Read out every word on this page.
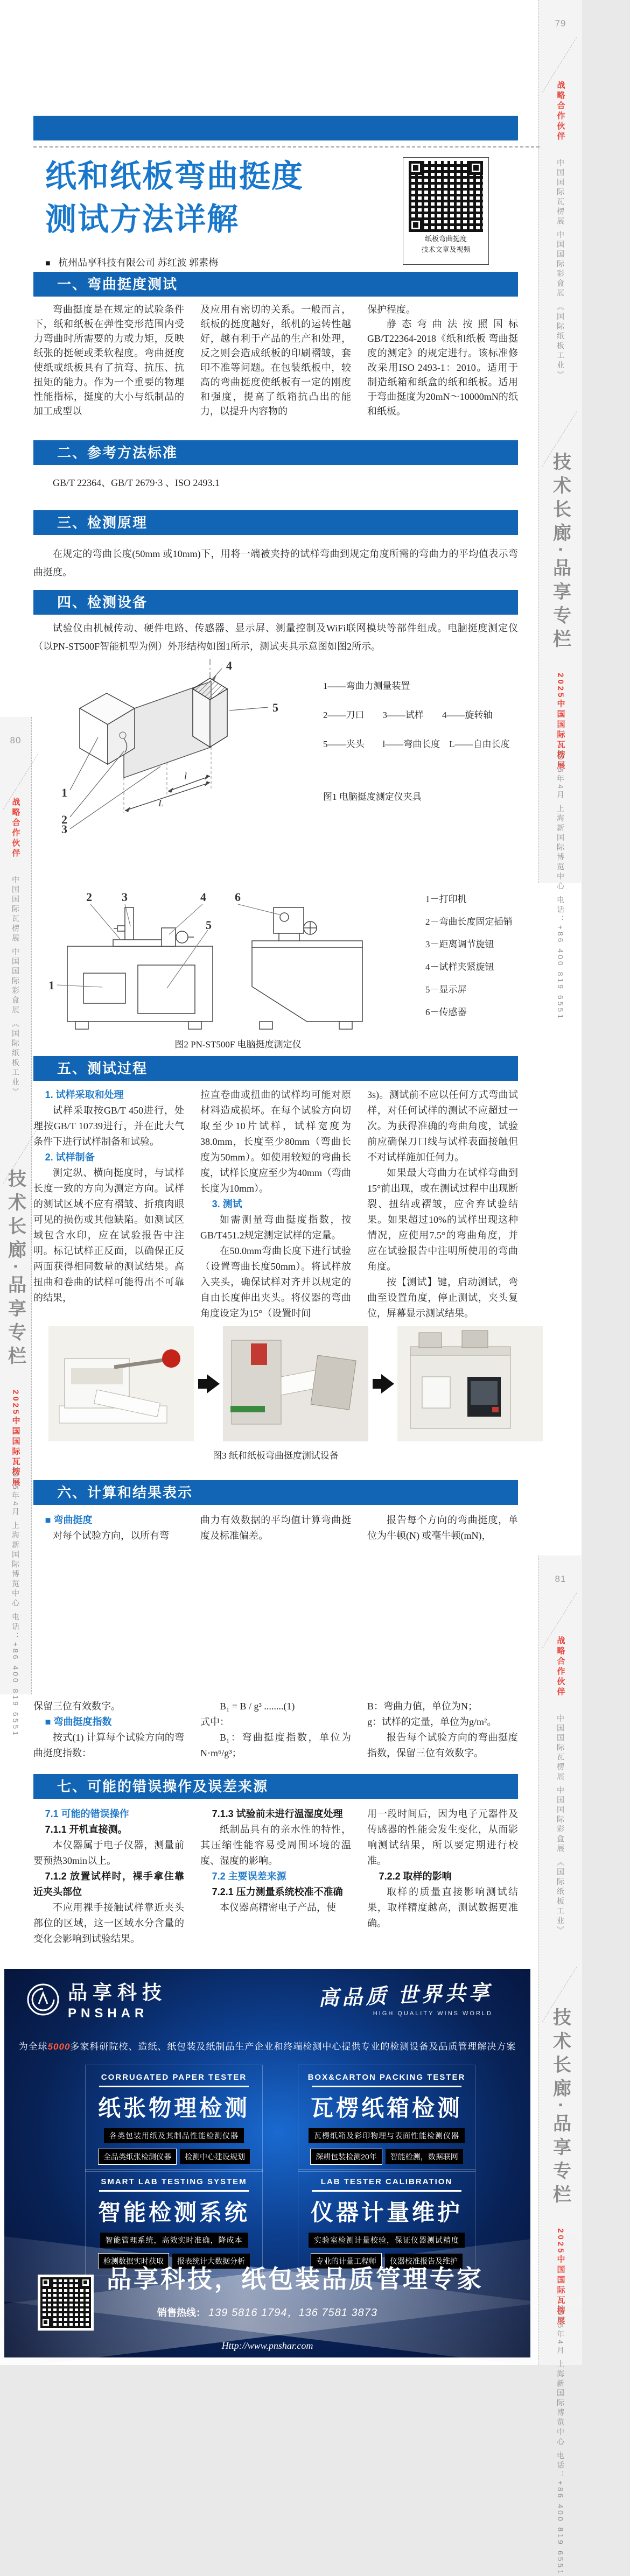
79
战略合作伙伴
中国国际瓦楞展 中国国际彩盒展 《国际纸板工业》
技术长廊·品享专栏
2025中国国际瓦楞展
2025年4月 上海新国际博览中心 电话：+86 400 819 6551
80
战略合作伙伴
中国国际瓦楞展 中国国际彩盒展 《国际纸板工业》
技术长廊·品享专栏
2025中国国际瓦楞展
2025年4月 上海新国际博览中心 电话：+86 400 819 6551	81
战略合作伙伴
中国国际瓦楞展 中国国际彩盒展 《国际纸板工业》
技术长廊·品享专栏
2025中国国际瓦楞展
2025年4月 上海新国际博览中心 电话：+86 400 819 6551
纸和纸板弯曲挺度
测试方法详解
纸板弯曲挺度
技术文章及视频
■ 杭州品享科技有限公司 苏红波 郭素梅
一、弯曲挺度测试

弯曲挺度是在规定的试验条件下，纸和纸板在弹性变形范围内受力弯曲时所需要的力或力矩，反映纸张的挺硬或柔软程度。弯曲挺度使纸或纸板具有了抗弯、抗压、抗扭矩的能力。作为一个重要的物理性能指标，挺度的大小与纸制品的加工成型以

及应用有密切的关系。一般而言，纸板的挺度越好，纸机的运转性越好，越有利于产品的生产和处理，反之则会造成纸板的印刷褶皱，套印不准等问题。在包装纸板中，较高的弯曲挺度使纸板有一定的刚度和强度，提高了纸箱抗凸出的能力，以提升内容物的

保护程度。

静态弯曲法按照国标GB/T22364-2018《纸和纸板 弯曲挺度的测定》的规定进行。该标准修改采用ISO 2493-1：2010。适用于制造纸箱和纸盒的纸和纸板。适用于弯曲挺度为20mN～10000mN的纸和纸板。

二、参考方法标准

GB/T 22364、GB/T 2679·3 、ISO 2493.1

三、检测原理

在规定的弯曲长度(50mm 或10mm)下，用将一端被夹持的试样弯曲到规定角度所需的弯曲力的平均值表示弯曲挺度。

四、检测设备

试验仪由机械传动、硬件电路、传感器、显示屏、测量控制及WiFi联网模块等部件组成。电脑挺度测定仪（以PN-ST500F智能机型为例）外形结构如图1所示，测试夹具示意图如图2所示。

1
2
3
4
5
l
L

1——弯曲力测量装置

2——刀口　　3——试样　　4——旋转轴

5——夹头　　l——弯曲长度　L——自由长度

图1 电脑挺度测定仪夹具
1
2	3	4
5
6	1－打印机

2－弯曲长度固定插销

3－距离调节旋钮

4－试样夹紧旋钮

5－显示屏

6－传感器

图2 PN-ST500F 电脑挺度测定仪
五、测试过程

1. 试样采取和处理

试样采取按GB/T 450进行，处理按GB/T 10739进行，并在此大气条件下进行试样制备和试验。

2. 试样制备

测定纵、横向挺度时，与试样长度一致的方向为测定方向。试样的测试区域不应有褶皱、折痕肉眼可见的损伤或其他缺陷。如测试区域包含水印，应在试验报告中注明。标记试样正反面，以确保正反两面获得相同数量的测试结果。高扭曲和卷曲的试样可能得出不可靠的结果，

拉直卷曲或扭曲的试样均可能对原材料造成损坏。在每个试验方向切取至少10片试样，试样宽度为38.0mm，长度至少80mm（弯曲长度为50mm）。如使用较短的弯曲长度，试样长度应至少为40mm（弯曲长度为10mm）。

3. 测试

如需测量弯曲挺度指数，按GB/T451.2规定测定试样的定量。

在50.0mm弯曲长度下进行试验（设置弯曲长度50mm）。将试样放入夹头，确保试样对齐并以规定的自由长度伸出夹头。将仪器的弯曲角度设定为15°（设置时间

3s)。测试前不应以任何方式弯曲试样，对任何试样的测试不应超过一次。为获得准确的弯曲角度，试验前应确保刀口线与试样表面接触但不对试样施加任何力。

如果最大弯曲力在试样弯曲到15°前出现，或在测试过程中出现断裂、扭结或褶皱，应舍弃试验结果。如果超过10%的试样出现这种情况，应使用7.5°的弯曲角度，并应在试验报告中注明所使用的弯曲角度。

按【测试】键，启动测试，弯曲至设置角度，停止测试，夹头复位，屏幕显示测试结果。

图3 纸和纸板弯曲挺度测试设备
六、计算和结果表示

■ 弯曲挺度

对每个试验方向，以所有弯

曲力有效数据的平均值计算弯曲挺度及标准偏差。

报告每个方向的弯曲挺度，单位为牛顿(N) 或毫牛顿(mN)，

保留三位有效数字。

■ 弯曲挺度指数

按式(1) 计算每个试验方向的弯曲挺度指数：

B₁ = B / g³ ........(1)

式中：

B₁：弯曲挺度指数，单位为N·m⁶/g³；

B：弯曲力值，单位为N；

g：试样的定量，单位为g/m²。

报告每个试验方向的弯曲挺度指数，保留三位有效数字。

七、可能的错误操作及误差来源

7.1 可能的错误操作

7.1.1 开机直接测。

本仪器属于电子仪器，测量前要预热30min以上。

7.1.2 放置试样时，裸手拿住靠近夹头部位

不应用裸手接触试样靠近夹头部位的区域，这一区域水分含量的变化会影响到试验结果。

7.1.3 试验前未进行温湿度处理

纸制品具有的亲水性的特性，其压缩性能容易受周围环境的温度、湿度的影响。

7.2 主要误差来源

7.2.1 压力测量系统校准不准确

本仪器高精密电子产品，使

用一段时间后，因为电子元器件及传感器的性能会发生变化，从而影响测试结果，所以要定期进行校准。

7.2.2 取样的影响

取样的质量直接影响测试结果，取样精度越高，测试数据更准确。

品享科技
PNSHAR
高品质 世界共享
HIGH QUALITY WINS WORLD
为全球5000多家科研院校、造纸、纸包装及纸制品生产企业和终端检测中心提供专业的检测设备及品质管理解决方案
CORRUGATED PAPER TESTER
纸张物理检测
各类包装用纸及其制品性能检测仪器
全品类纸张检测仪器 检测中心建设规划
BOX&CARTON PACKING TESTER
瓦楞纸箱检测
瓦楞纸箱及彩印物理与表面性能检测仪器
深耕包装检测20年 智能检测，数据联网
SMART LAB TESTING SYSTEM
智能检测系统
智能管理系统，高效实时准确，降成本
检测数据实时获取 报表统计大数据分析
LAB TESTER CALIBRATION
仪器计量维护
实验室检测计量校验，保证仪器测试精度
专业的计量工程师 仪器校准报告及维护
品享科技，纸包装品质管理专家
销售热线： 139 5816 1794，136 7581 3873
Http://www.pnshar.com
